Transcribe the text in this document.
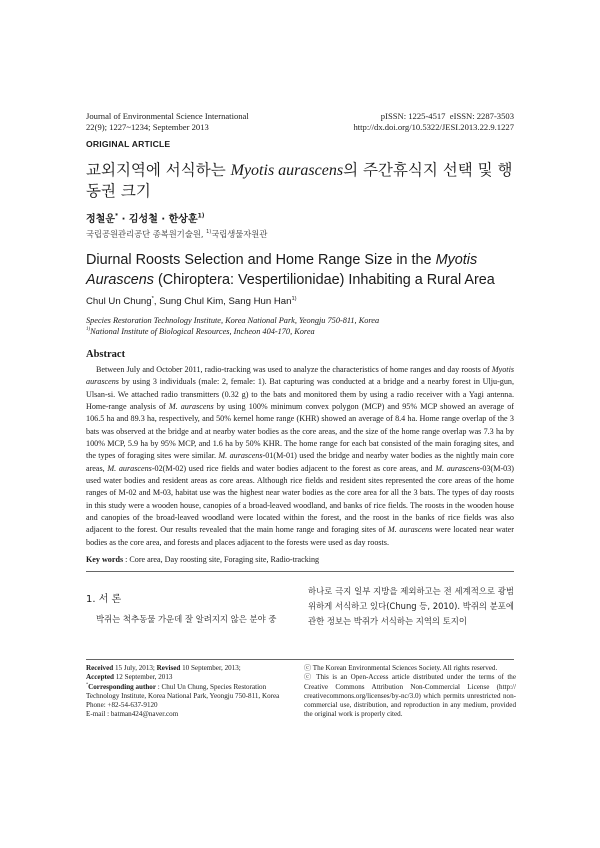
Journal of Environmental Science International
22(9); 1227~1234; September 2013
pISSN: 1225-4517  eISSN: 2287-3503
http://dx.doi.org/10.5322/JESI.2013.22.9.1227
ORIGINAL ARTICLE
교외지역에 서식하는 Myotis aurascens의 주간휴식지 선택 및 행동권 크기
정철운* · 김성철 · 한상훈$^{1)}$
국립공원관리공단 종복원기술원, $^{1)}$국립생물자원관
Diurnal Roosts Selection and Home Range Size in the Myotis Aurascens (Chiroptera: Vespertilionidae) Inhabiting a Rural Area
Chul Un Chung*, Sung Chul Kim, Sang Hun Han$^{1)}$
Species Restoration Technology Institute, Korea National Park, Yeongju 750-811, Korea
$^{1)}$National Institute of Biological Resources, Incheon 404-170, Korea
Abstract

Between July and October 2011, radio-tracking was used to analyze the characteristics of home ranges and day roosts of Myotis aurascens by using 3 individuals (male: 2, female: 1). Bat capturing was conducted at a bridge and a nearby forest in Ulju-gun, Ulsan-si. We attached radio transmitters (0.32 g) to the bats and monitored them by using a radio receiver with a Yagi antenna. Home-range analysis of M. aurascens by using 100% minimum convex polygon (MCP) and 95% MCP showed an average of 106.5 ha and 89.3 ha, respectively, and 50% kernel home range (KHR) showed an average of 8.4 ha. Home range overlap of the 3 bats was observed at the bridge and at nearby water bodies as the core areas, and the size of the home range overlap was 7.3 ha by 100% MCP, 5.9 ha by 95% MCP, and 1.6 ha by 50% KHR. The home range for each bat consisted of the main foraging sites, and the types of foraging sites were similar. M. aurascens-01(M-01) used the bridge and nearby water bodies as the nightly main core areas, M. aurascens-02(M-02) used rice fields and water bodies adjacent to the forest as core areas, and M. aurascens-03(M-03) used water bodies and resident areas as core areas. Although rice fields and resident sites represented the core areas of the home ranges of M-02 and M-03, habitat use was the highest near water bodies as the core area for all the 3 bats. The types of day roosts in this study were a wooden house, canopies of a broad-leaved woodland, and banks of rice fields. The roosts in the wooden house and canopies of the broad-leaved woodland were located within the forest, and the roost in the banks of rice fields was also adjacent to the forest. Our results revealed that the main home range and foraging sites of M. aurascens were located near water bodies as the core area, and forests and places adjacent to the forests were used as day roosts.

Key words : Core area, Day roosting site, Foraging site, Radio-tracking
1. 서 론
박쥐는 척추동물 가운데 잘 알려지지 않은 분야 중
하나로 극지 일부 지방을 제외하고는 전 세계적으로 광범위하게 서식하고 있다(Chung 등, 2010). 박쥐의 분포에 관한 정보는 박쥐가 서식하는 지역의 토지이
Received 15 July, 2013; Revised 10 September, 2013;
Accepted 12 September, 2013
*Corresponding author : Chul Un Chung, Species Restoration Technology Institute, Korea National Park, Yeongju 750-811, Korea
Phone: +82-54-637-9120
E-mail : batman424@naver.com
ⓒ The Korean Environmental Sciences Society. All rights reserved.
ⓒ This is an Open-Access article distributed under the terms of the Creative Commons Attribution Non-Commercial License (http:// creativecommons.org/licenses/by-nc/3.0) which permits unrestricted non-commercial use, distribution, and reproduction in any medium, provided the original work is properly cited.
